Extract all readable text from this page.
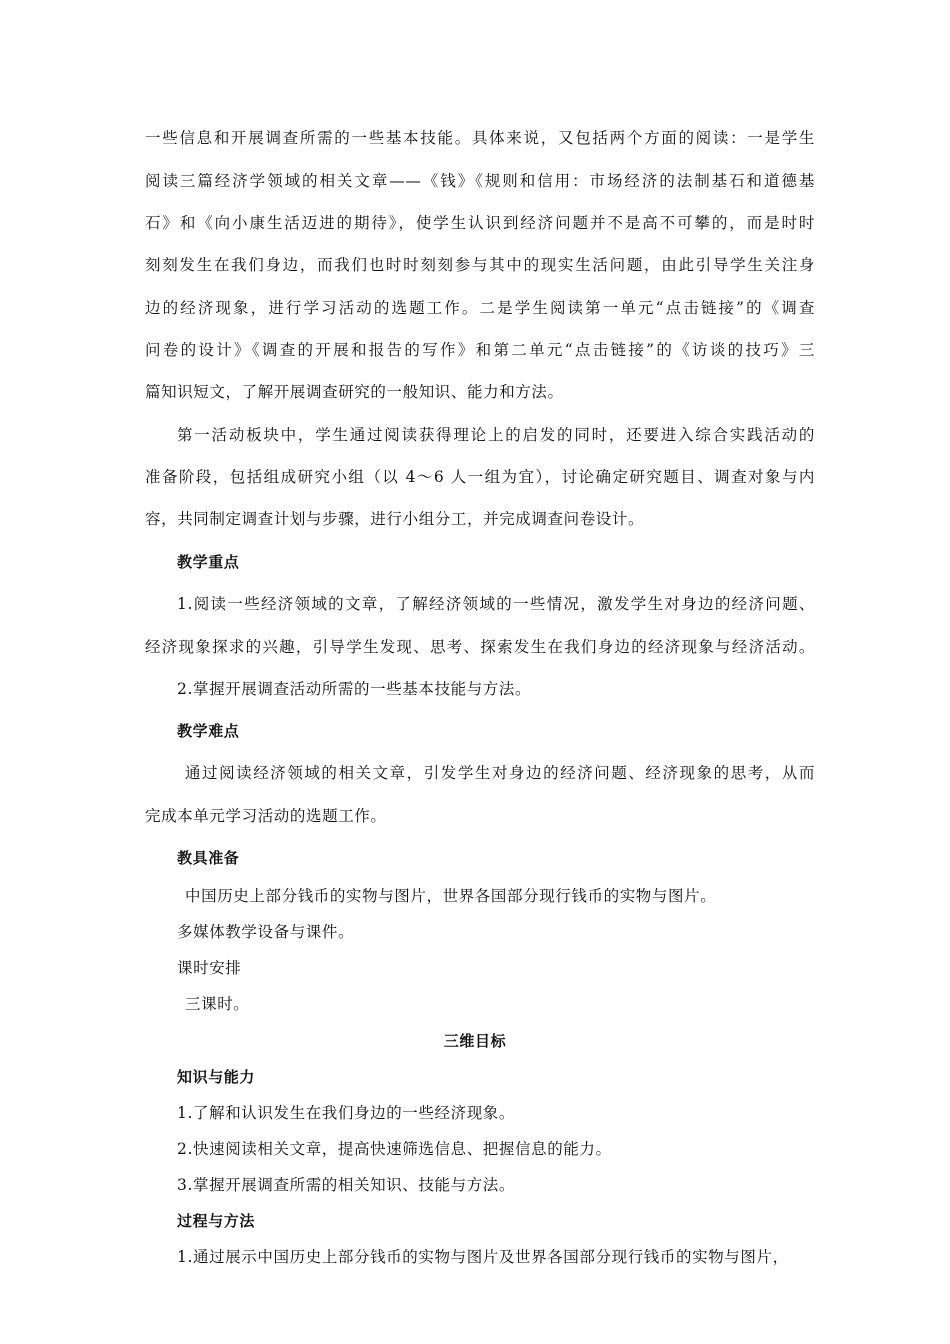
一些信息和开展调查所需的一些基本技能。具体来说，又包括两个方面的阅读：一是学生
阅读三篇经济学领域的相关文章——《钱》《规则和信用：市场经济的法制基石和道德基
石》和《向小康生活迈进的期待》，使学生认识到经济问题并不是高不可攀的，而是时时
刻刻发生在我们身边，而我们也时时刻刻参与其中的现实生活问题，由此引导学生关注身
边的经济现象，进行学习活动的选题工作。二是学生阅读第一单元“点击链接”的《调查
问卷的设计》《调查的开展和报告的写作》和第二单元“点击链接”的《访谈的技巧》三
篇知识短文，了解开展调查研究的一般知识、能力和方法。
第一活动板块中，学生通过阅读获得理论上的启发的同时，还要进入综合实践活动的
准备阶段，包括组成研究小组（以 4～6 人一组为宜），讨论确定研究题目、调查对象与内
容，共同制定调查计划与步骤，进行小组分工，并完成调查问卷设计。
教学重点
1.阅读一些经济领域的文章，了解经济领域的一些情况，激发学生对身边的经济问题、
经济现象探求的兴趣，引导学生发现、思考、探索发生在我们身边的经济现象与经济活动。
2.掌握开展调查活动所需的一些基本技能与方法。
教学难点
通过阅读经济领域的相关文章，引发学生对身边的经济问题、经济现象的思考，从而
完成本单元学习活动的选题工作。
教具准备
中国历史上部分钱币的实物与图片，世界各国部分现行钱币的实物与图片。
多媒体教学设备与课件。
课时安排
三课时。
三维目标
知识与能力
1.了解和认识发生在我们身边的一些经济现象。
2.快速阅读相关文章，提高快速筛选信息、把握信息的能力。
3.掌握开展调查所需的相关知识、技能与方法。
过程与方法
1.通过展示中国历史上部分钱币的实物与图片及世界各国部分现行钱币的实物与图片，
